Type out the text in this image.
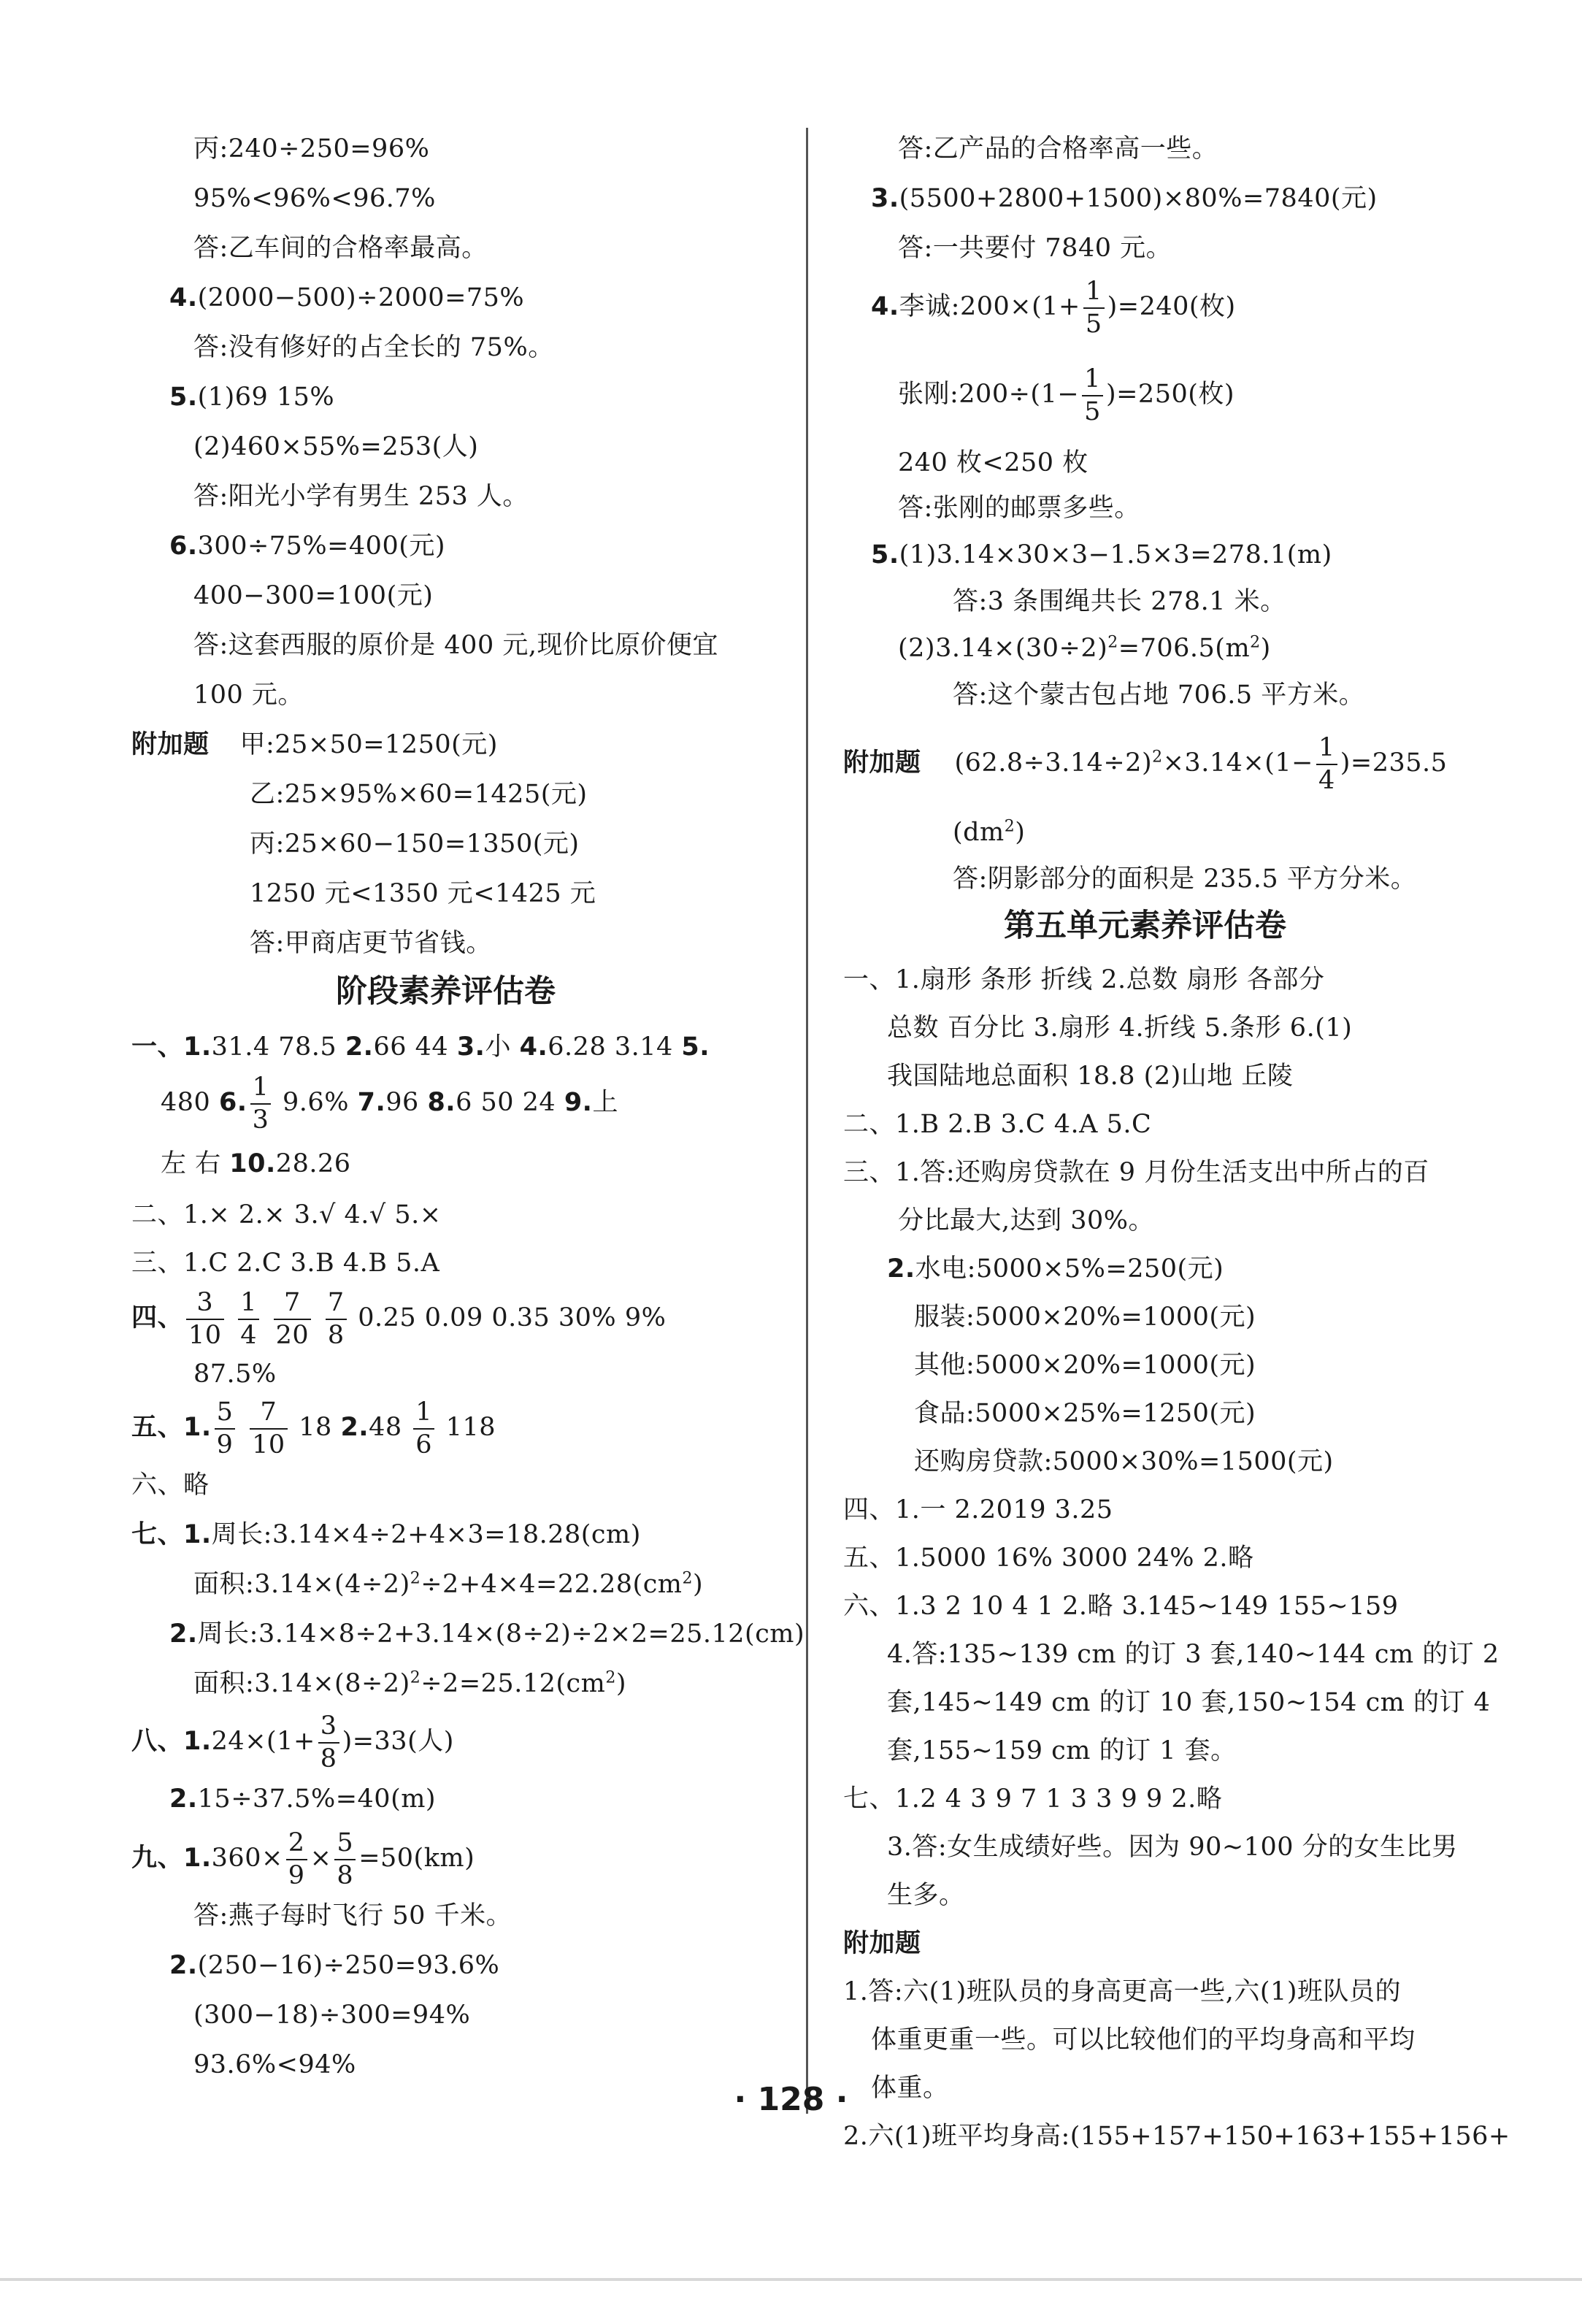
丙:240÷250=96%
95%<96%<96.7%
答:乙车间的合格率最高。
4.(2000−500)÷2000=75%
答:没有修好的占全长的 75%。
5.(1)69 15%
(2)460×55%=253(人)
答:阳光小学有男生 253 人。
6.300÷75%=400(元)
400−300=100(元)
答:这套西服的原价是 400 元,现价比原价便宜
100 元。
附加题 甲:25×50=1250(元)
乙:25×95%×60=1425(元)
丙:25×60−150=1350(元)
1250 元<1350 元<1425 元
答:甲商店更节省钱。
阶段素养评估卷
一、1.31.4 78.5 2.66 44 3.小 4.6.28 3.14 5.
480 6. $\frac{1}{3} 9.6\%$ 7.96 8.6 50 24 9.上
左 右 10.28.26
二、1.× 2.× 3.√ 4.√ 5.×
三、1.C 2.C 3.B 4.B 5.A
四、 $\frac{3}{10}$
$\frac{1}{4}$
$\frac{7}{20}$
$\frac{7}{8} 0.25$ 0.09 0.35 30% 9%
87.5%
五、1. $\frac{5}{9}$
$\frac{7}{10} 18$ $2.48 \frac{1}{6} 118$
六、略
七、1.周长:3.14×4÷2+4×3=18.28(cm)
面积$:3.14\times(4\div 2)^2\div 2+4\times 4=22.28(cm^2)$
2.周长:3.14×8÷2+3.14×(8÷2)÷2×2=25.12(cm)
面积$:3.14\times(8\div 2)^2\div 2=25.12(cm^2)$
八、$1.24\times(1+ \frac{3}{8} )=33$(人)
2.15÷37.5%=40(m)
九、$1.360\times \frac{2}{9} \times \frac{5}{8} =50(km)$
答:燕子每时飞行 50 千米。
2.(250−16)÷250=93.6%
(300−18)÷300=94%
93.6%<94%
答:乙产品的合格率高一些。
3.(5500+2800+1500)×80%=7840(元)
答:一共要付 7840 元。
4.李诚:200×(1+ $\frac{1}{5} )=240$(枚)
张刚:200÷(1− $\frac{1}{5} )=250$(枚)
240 枚<250 枚
答:张刚的邮票多些。
5.(1)3.14×30×3−1.5×3=278.1(m)
答:3 条围绳共长 278.1 米。
$(2)3.14\times(30\div 2)^2=706.5(m^2)$
答:这个蒙古包占地 706.5 平方米。
附加题 $(62.8\div 3.14\div 2)^2\times 3.14\times(1- \frac{1}{4} )=235.5$
$(dm^2)$
答:阴影部分的面积是 235.5 平方分米。
第五单元素养评估卷
一、1.扇形 条形 折线 2.总数 扇形 各部分
总数 百分比 3.扇形 4.折线 5.条形 6.(1)
我国陆地总面积 18.8 (2)山地 丘陵
二、1.B 2.B 3.C 4.A 5.C
三、1.答:还购房贷款在 9 月份生活支出中所占的百
分比最大,达到 30%。
2.水电:5000×5%=250(元)
服装:5000×20%=1000(元)
其他:5000×20%=1000(元)
食品:5000×25%=1250(元)
还购房贷款:5000×30%=1500(元)
四、1.一 2.2019 3.25
五、1.5000 16% 3000 24% 2.略
六、1.3 2 10 4 1 2.略 3.145~149 155~159
4.答:135~139 cm 的订 3 套,140~144 cm 的订 2
套,145~149 cm 的订 10 套,150~154 cm 的订 4
套,155~159 cm 的订 1 套。
七、1.2 4 3 9 7 1 3 3 9 9 2.略
3.答:女生成绩好些。因为 90~100 分的女生比男
生多。
附加题
1.答:六(1)班队员的身高更高一些,六(1)班队员的
体重更重一些。可以比较他们的平均身高和平均
体重。
2.六(1)班平均身高:(155+157+150+163+155+156+
· 128 ·
